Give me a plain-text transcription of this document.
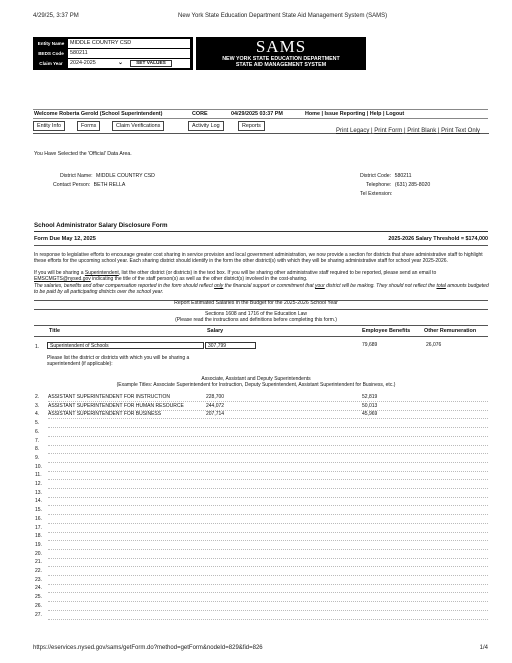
4/29/25, 3:37 PM	New York State Education Department State Aid Management System (SAMS)
Entity Name	MIDDLE COUNTRY CSD
BEDS Code	580211
Claim Year	2024-2025	⌄	SET VALUES
SAMS
NEW YORK STATE EDUCATION DEPARTMENT
STATE AID MANAGEMENT SYSTEM
Welcome Roberta Gerold (School Superintendent)	CORE	04/29/2025 03:37 PM	Home | Issue Reporting | Help | Logout
Entity Info	Forms	Claim Verifications	Activity Log	Reports
You Have Selected the 'Official' Data Area.
Print Legacy | Print Form | Print Blank | Print Text Only
District Name: MIDDLE COUNTRY CSD
Contact Person: BETH RELLA
District Code: 580211
Telephone: (631) 285-8020
Tel Extension:
School Administrator Salary Disclosure Form
Form Due May 12, 2025	2025-2026 Salary Threshold = $174,000
In response to legislative efforts to encourage greater cost sharing in service provision and local government administration, we now provide a section for districts that share administrative staff to highlight these efforts for the upcoming school year. Each sharing district should identify in the form the other district(s) with which they will be sharing administrative staff for school year 2025-2026.
If you will be sharing a Superintendent, list the other district (or districts) in the text box. If you will be sharing other administrative staff required to be reported, please send an email to EMSCMGTS@nysed.gov indicating the title of the staff person(s) as well as the other district(s) involved in the cost-sharing.
The salaries, benefits and other compensation reported in the form should reflect only the financial support or commitment that your district will be making. They should not reflect the total amounts budgeted to be paid by all participating districts over the school year.
Report Estimated Salaries in the Budget for the 2025-2026 School Year
Sections 1608 and 1716 of the Education Law
(Please read the instructions and definitions before completing this form.)
Title	Salary	Employee Benefits	Other Remuneration
1.	Superintendent of Schools	307,799	79,689	26,076
Please list the district or districts with which you will be sharing a superintendent (if applicable):
Associate, Assistant and Deputy Superintendents
(Example Titles: Associate Superintendent for Instruction, Deputy Superintendent, Assistant Superintendent for Business, etc.)
2. ASSISTANT SUPERINTENDENT FOR INSTRUCTION	228,700	52,819
3. ASSISTANT SUPERINTENDENT FOR HUMAN RESOURCE	244,072	50,013
4. ASSISTANT SUPERINTENDENT FOR BUSINESS	207,714	45,969
5.
6.
7.
8.
9.
10.
11.
12.
13.
14.
15.
16.
17.
18.
19.
20.
21.
22.
23.
24.
25.
26.
27.
https://eservices.nysed.gov/sams/getForm.do?method=getForm&nodeId=829&fid=826	1/4
